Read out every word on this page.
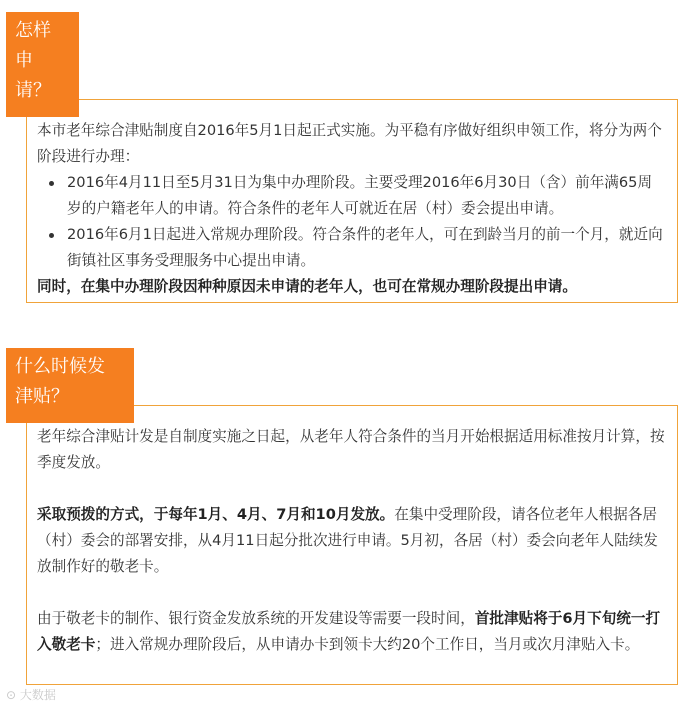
怎样
申
请？

本市老年综合津贴制度自2016年5月1日起正式实施。为平稳有序做好组织申领工作，将分为两个阶段进行办理：

2016年4月11日至5月31日为集中办理阶段。主要受理2016年6月30日（含）前年满65周岁的户籍老年人的申请。符合条件的老年人可就近在居（村）委会提出申请。
2016年6月1日起进入常规办理阶段。符合条件的老年人，可在到龄当月的前一个月，就近向街镇社区事务受理服务中心提出申请。

同时，在集中办理阶段因种种原因未申请的老年人，也可在常规办理阶段提出申请。

什么时候发
津贴？

老年综合津贴计发是自制度实施之日起，从老年人符合条件的当月开始根据适用标准按月计算，按季度发放。

采取预拨的方式，于每年1月、4月、7月和10月发放。在集中受理阶段，请各位老年人根据各居（村）委会的部署安排，从4月11日起分批次进行申请。5月初，各居（村）委会向老年人陆续发放制作好的敬老卡。

由于敬老卡的制作、银行资金发放系统的开发建设等需要一段时间，首批津贴将于6月下旬统一打入敬老卡；进入常规办理阶段后，从申请办卡到领卡大约20个工作日，当月或次月津贴入卡。

⊙ 大数据
